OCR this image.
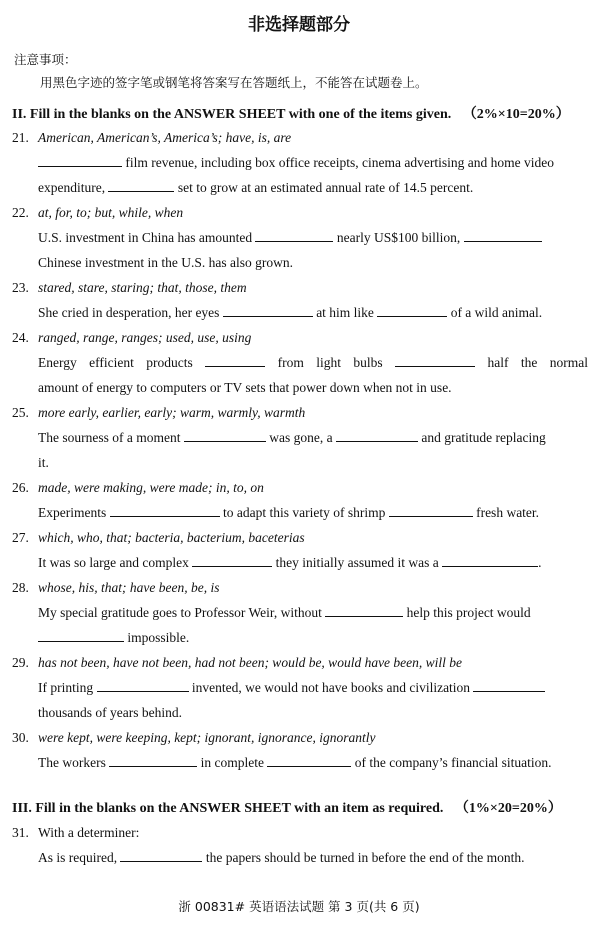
非选择题部分
注意事项：
用黑色字迹的签字笔或钢笔将答案写在答题纸上，不能答在试题卷上。
II. Fill in the blanks on the ANSWER SHEET with one of the items given. （2%×10=20%）
21. American, American’s, America’s; have, is, are
film revenue, including box office receipts, cinema advertising and home video
expenditure,	set to grow at an estimated annual rate of 14.5 percent.
22. at, for, to; but, while, when
U.S. investment in China has amounted	nearly US$100 billion,
Chinese investment in the U.S. has also grown.
23. stared, stare, staring; that, those, them
She cried in desperation, her eyes	at him like	of a wild animal.
24. ranged, range, ranges; used, use, using
Energy efficient products	from light bulbs	half the normal
amount of energy to computers or TV sets that power down when not in use.
25. more early, earlier, early; warm, warmly, warmth
The sourness of a moment	was gone, a	and gratitude replacing
it.
26. made, were making, were made; in, to, on
Experiments	to adapt this variety of shrimp	fresh water.
27. which, who, that; bacteria, bacterium, baceterias
It was so large and complex	they initially assumed it was a	.
28. whose, his, that; have been, be, is
My special gratitude goes to Professor Weir, without	help this project would
impossible.
29. has not been, have not been, had not been; would be, would have been, will be
If printing	invented, we would not have books and civilization
thousands of years behind.
30. were kept, were keeping, kept; ignorant, ignorance, ignorantly
The workers	in complete	of the company’s financial situation.
III. Fill in the blanks on the ANSWER SHEET with an item as required. （1%×20=20%）
31. With a determiner:
As is required,	the papers should be turned in before the end of the month.
浙 00831# 英语语法试题 第 3 页(共 6 页)
